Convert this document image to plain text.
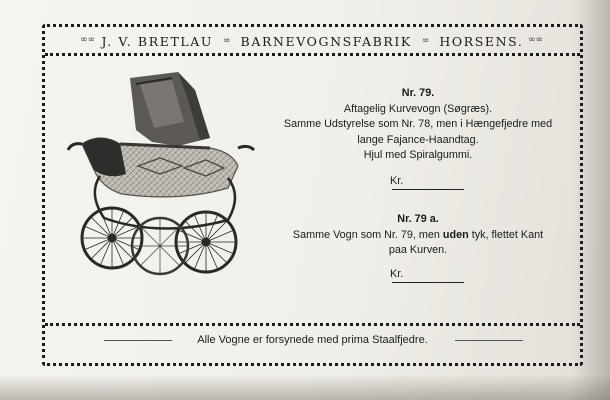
∞∞ J. V. BRETLAU ∞ BARNEVOGNSFABRIK ∞ HORSENS. ∞∞
Nr. 79.
Aftagelig Kurvevogn (Søgræs).
Samme Udstyrelse som Nr. 78, men i Hængefjedre med
lange Fajance-Haandtag.
Hjul med Spiralgummi.
Kr.
Nr. 79 a.
Samme Vogn som Nr. 79, men uden tyk, flettet Kant
paa Kurven.
Kr.
Alle Vogne er forsynede med prima Staalfjedre.
